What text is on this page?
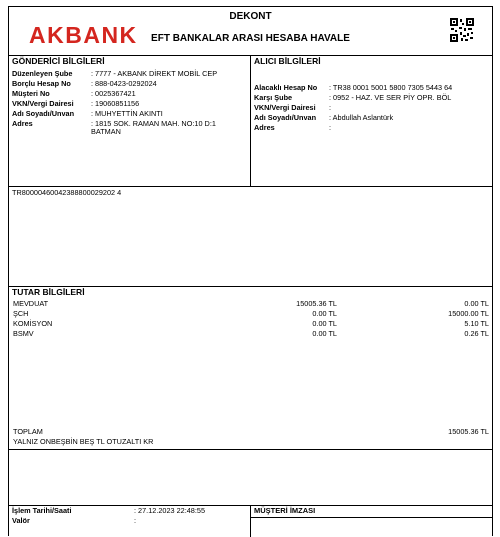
AKBANK
DEKONT
EFT BANKALAR ARASI HESABA HAVALE
GÖNDERİCİ BİLGİLERİ	ALICI BİLGİLERİ
Düzenleyen Şube	: 7777 - AKBANK DİREKT MOBİL CEP
Borçlu Hesap No	: 888-0423-0292024
Müşteri No	: 0025367421
VKN/Vergi Dairesi : 19060851156
Adı Soyadı/Unvan : MUHYETTİN AKINTI
Adres	: 1815 SOK. RAMAN MAH. NO:10 D:1 BATMAN
Alacaklı Hesap No : TR38 0001 5001 5800 7305 5443 64
Karşı Şube	: 0952 - HAZ. VE SER PİY OPR. BÖL
VKN/Vergi Dairesi :
Adı Soyadı/Unvan : Abdullah Aslantürk
Adres	:
TR80000460042388800029202 4
TUTAR BİLGİLERİ
MEVDUAT	15005.36 TL	0.00 TL
ŞCH	0.00 TL	15000.00 TL
KOMİSYON	0.00 TL	5.10 TL
BSMV	0.00 TL	0.26 TL
TOPLAM	15005.36 TL
YALNIZ ONBEŞBİN BEŞ TL OTUZALTI KR
İşlem Tarihi/Saati	: 27.12.2023 22:48:55
Valör	:
MÜŞTERİ İMZASI
